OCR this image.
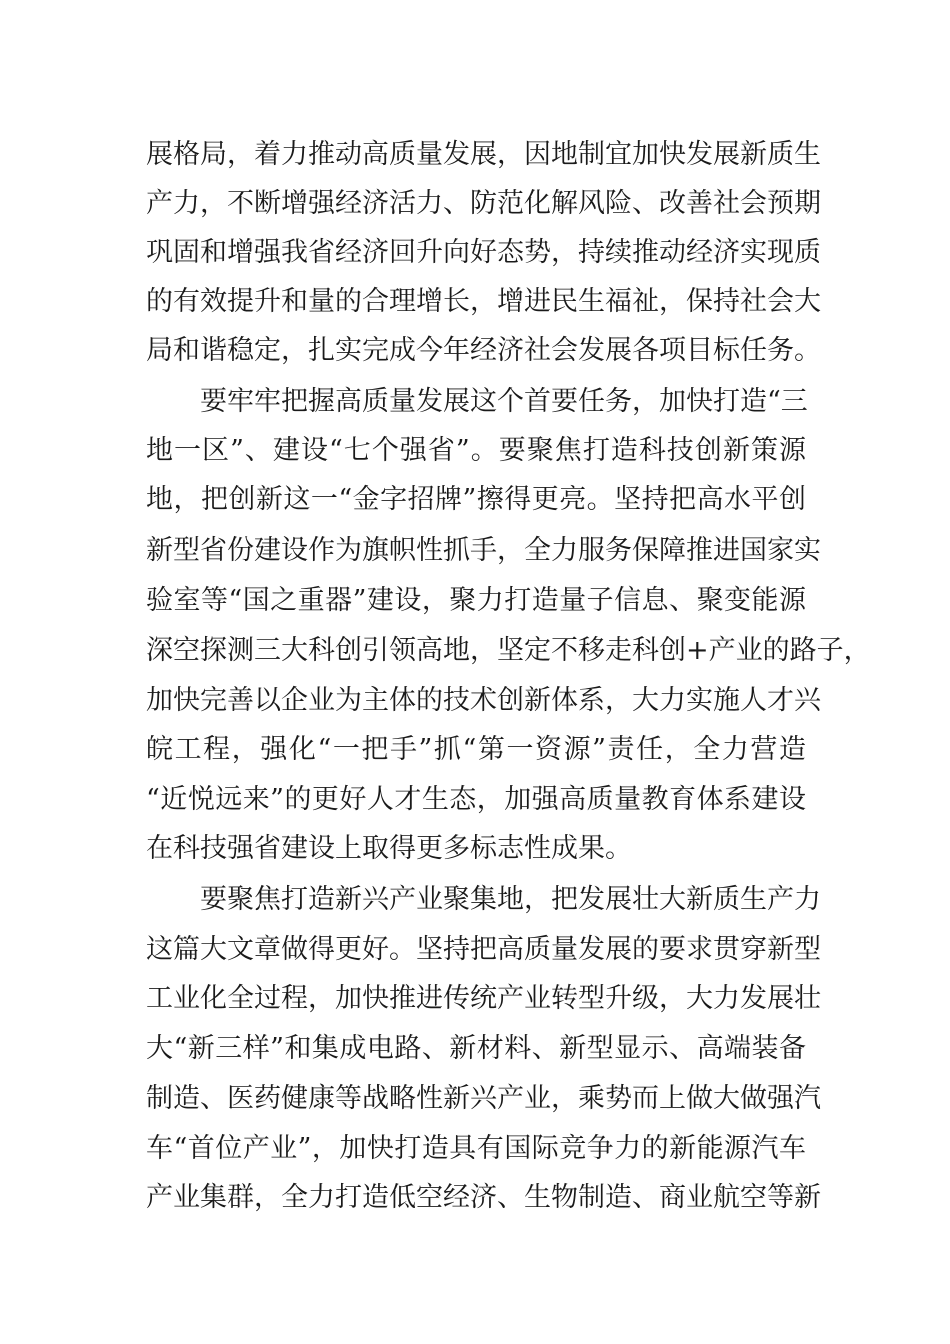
展格局，着力推动高质量发展，因地制宜加快发展新质生
产力，不断增强经济活力、防范化解风险、改善社会预期
巩固和增强我省经济回升向好态势，持续推动经济实现质
的有效提升和量的合理增长，增进民生福祉，保持社会大
局和谐稳定，扎实完成今年经济社会发展各项目标任务。
要牢牢把握高质量发展这个首要任务，加快打造“三
地一区”、建设“七个强省”。要聚焦打造科技创新策源
地，把创新这一“金字招牌”擦得更亮。坚持把高水平创
新型省份建设作为旗帜性抓手，全力服务保障推进国家实
验室等“国之重器”建设，聚力打造量子信息、聚变能源
深空探测三大科创引领高地，坚定不移走科创+产业的路子，
加快完善以企业为主体的技术创新体系，大力实施人才兴
皖工程，强化“一把手”抓“第一资源”责任，全力营造
“近悦远来”的更好人才生态，加强高质量教育体系建设
在科技强省建设上取得更多标志性成果。
要聚焦打造新兴产业聚集地，把发展壮大新质生产力
这篇大文章做得更好。坚持把高质量发展的要求贯穿新型
工业化全过程，加快推进传统产业转型升级，大力发展壮
大“新三样”和集成电路、新材料、新型显示、高端装备
制造、医药健康等战略性新兴产业，乘势而上做大做强汽
车“首位产业”，加快打造具有国际竞争力的新能源汽车
产业集群，全力打造低空经济、生物制造、商业航空等新
